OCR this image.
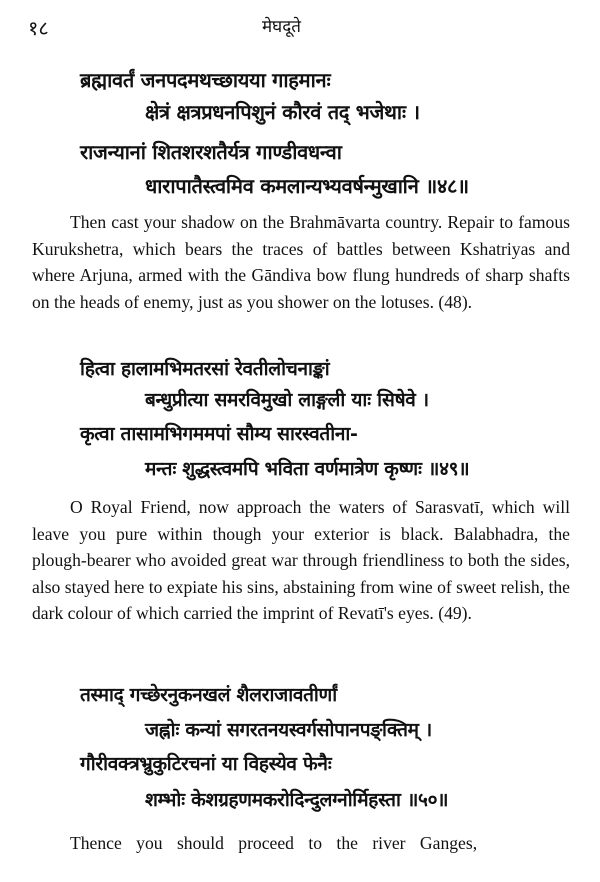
१८	मेघदूते
ब्रह्मावर्तं जनपदमथच्छायया गाहमानः
क्षेत्रं क्षत्रप्रधनपिशुनं कौरवं तद् भजेथाः ।
राजन्यानां शितशरशतैर्यत्र गाण्डीवधन्वा
धारापातैस्त्वमिव कमलान्यभ्यवर्षन्मुखानि ॥४८॥

Then cast your shadow on the Brahmāvarta country. Repair to famous Kurukshetra, which bears the traces of battles between Kshatriyas and where Arjuna, armed with the Gāndiva bow flung hundreds of sharp shafts on the heads of enemy, just as you shower on the lotuses. (48).

हित्वा हालामभिमतरसां रेवतीलोचनाङ्कां
बन्धुप्रीत्या समरविमुखो लाङ्गली याः सिषेवे ।
कृत्वा तासामभिगममपां सौम्य सारस्वतीना-
मन्तः शुद्धस्त्वमपि भविता वर्णमात्रेण कृष्णः ॥४९॥

O Royal Friend, now approach the waters of Sarasvatī, which will leave you pure within though your exterior is black. Balabhadra, the plough-bearer who avoided great war through friendliness to both the sides, also stayed here to expiate his sins, abstaining from wine of sweet relish, the dark colour of which carried the imprint of Revatī's eyes. (49).

तस्माद् गच्छेरनुकनखलं शैलराजावतीर्णां
जह्नोः कन्यां सगरतनयस्वर्गसोपानपङ्क्तिम् ।
गौरीवक्त्रभ्रुकुटिरचनां या विहस्येव फेनैः
शम्भोः केशग्रहणमकरोदिन्दुलग्नोर्मिहस्ता ॥५०॥

Thence you should proceed to the river Ganges,
